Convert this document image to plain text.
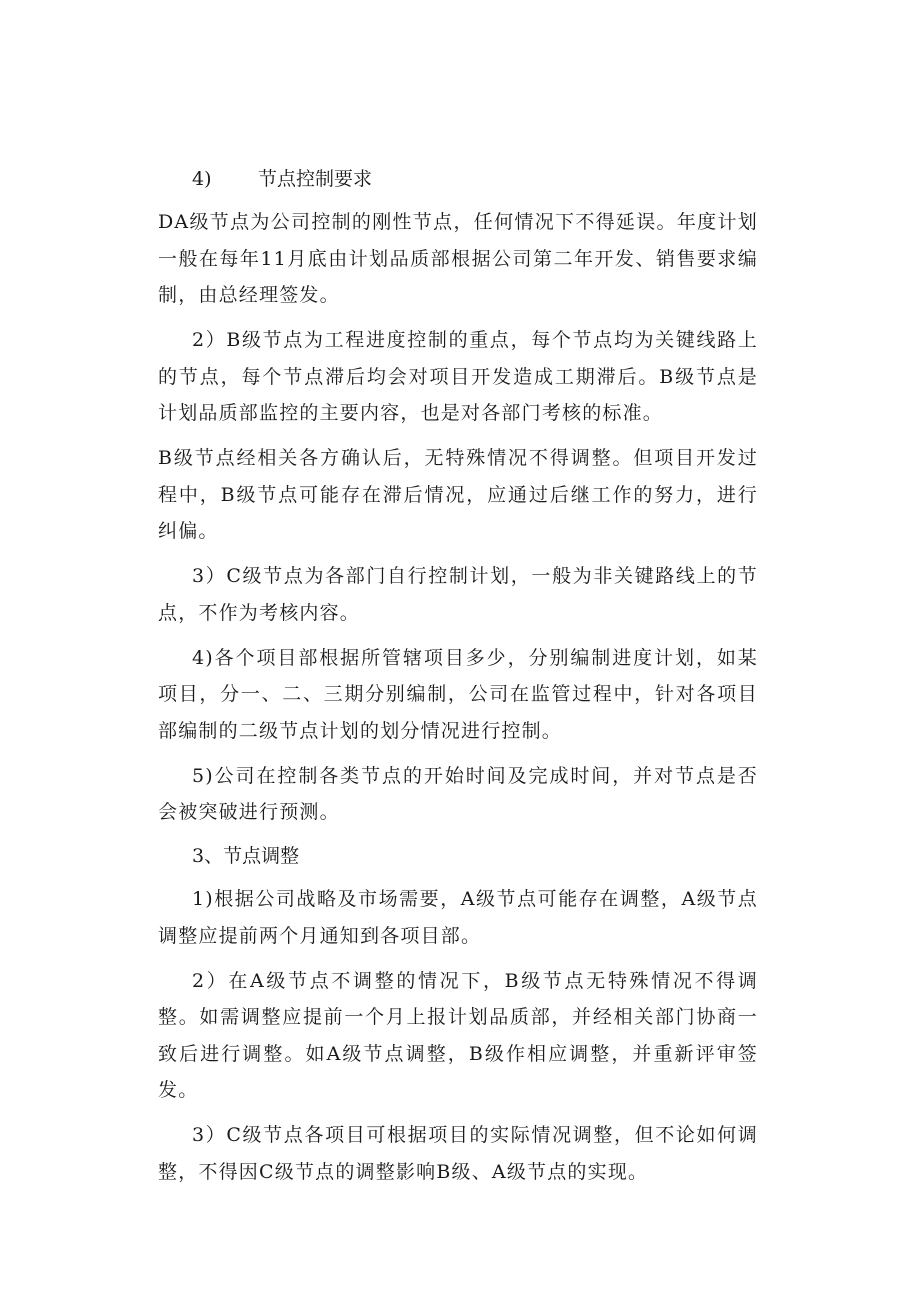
4) 节点控制要求

DA级节点为公司控制的刚性节点，任何情况下不得延误。年度计划一般在每年11月底由计划品质部根据公司第二年开发、销售要求编制，由总经理签发。

2）B级节点为工程进度控制的重点，每个节点均为关键线路上的节点，每个节点滞后均会对项目开发造成工期滞后。B级节点是计划品质部监控的主要内容，也是对各部门考核的标准。

B级节点经相关各方确认后，无特殊情况不得调整。但项目开发过程中，B级节点可能存在滞后情况，应通过后继工作的努力，进行纠偏。

3）C级节点为各部门自行控制计划，一般为非关键路线上的节点，不作为考核内容。

4)各个项目部根据所管辖项目多少，分别编制进度计划，如某项目，分一、二、三期分别编制，公司在监管过程中，针对各项目部编制的二级节点计划的划分情况进行控制。

5)公司在控制各类节点的开始时间及完成时间，并对节点是否会被突破进行预测。

3、节点调整

1)根据公司战略及市场需要，A级节点可能存在调整，A级节点调整应提前两个月通知到各项目部。

2）在A级节点不调整的情况下，B级节点无特殊情况不得调整。如需调整应提前一个月上报计划品质部，并经相关部门协商一致后进行调整。如A级节点调整，B级作相应调整，并重新评审签发。

3）C级节点各项目可根据项目的实际情况调整，但不论如何调整，不得因C级节点的调整影响B级、A级节点的实现。
